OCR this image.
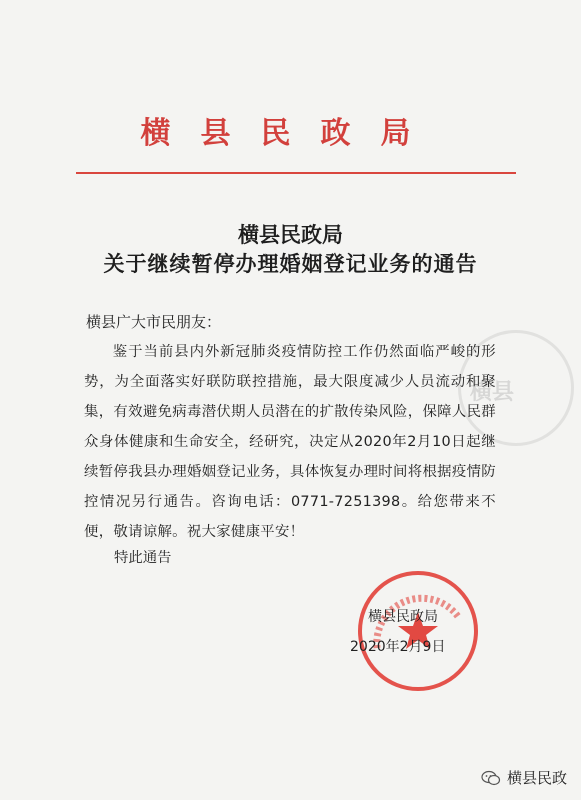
横县
横县民政局
横县民政局
关于继续暂停办理婚姻登记业务的通告
横县广大市民朋友：
鉴于当前县内外新冠肺炎疫情防控工作仍然面临严峻的形势，为全面落实好联防联控措施，最大限度减少人员流动和聚集，有效避免病毒潜伏期人员潜在的扩散传染风险，保障人民群众身体健康和生命安全，经研究，决定从2020年2月10日起继续暂停我县办理婚姻登记业务，具体恢复办理时间将根据疫情防控情况另行通告。咨询电话：0771-7251398。给您带来不便，敬请谅解。祝大家健康平安！
特此通告
横县民政局
2020年2月9日
横县民政
